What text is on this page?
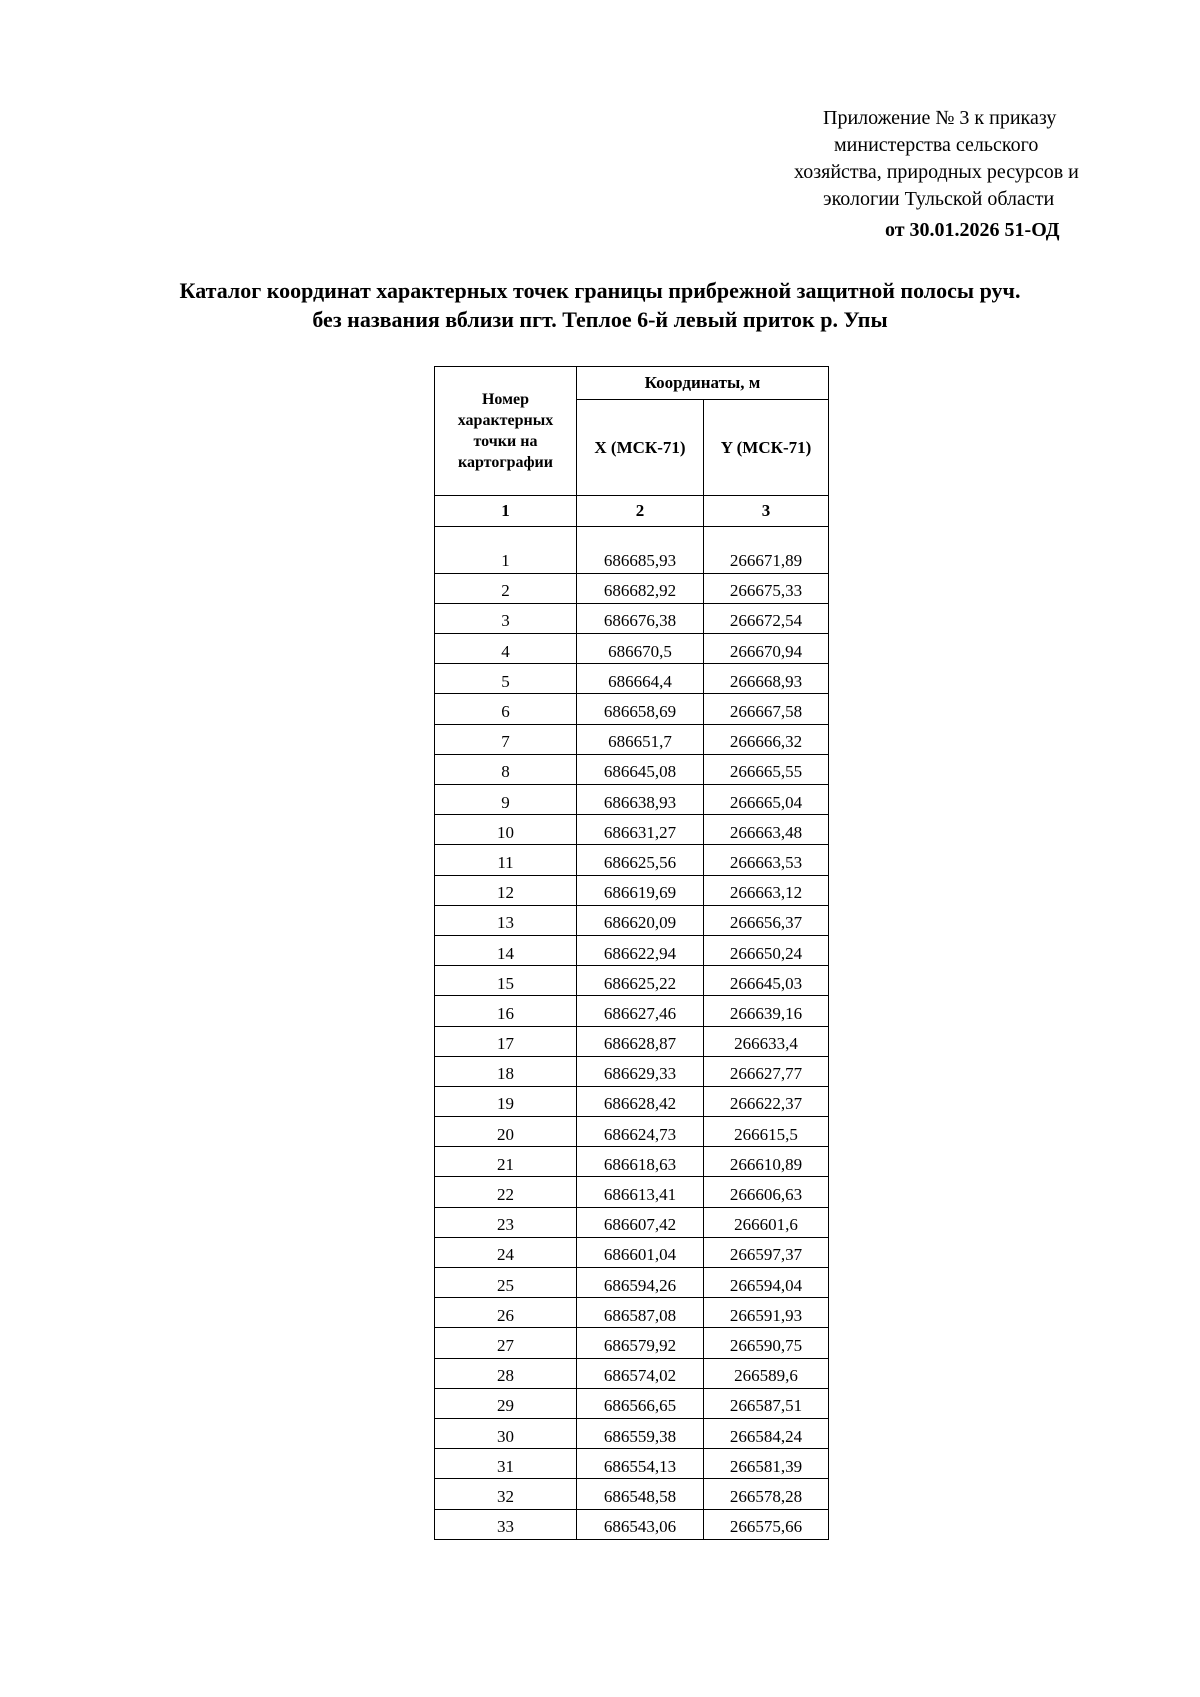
Приложение № 3 к приказу
министерства сельского
хозяйства, природных ресурсов и
экологии Тульской области
от 30.01.2026 51-ОД
Каталог координат характерных точек границы прибрежной защитной полосы руч.
без названия вблизи пгт. Теплое 6-й левый приток р. Упы
Номер характерных точки на картографии	Координаты, м	
	X (МСК-71)	Y (МСК-71)
1	2	3

1	686685,93	266671,89
2	686682,92	266675,33
3	686676,38	266672,54
4	686670,5	266670,94
5	686664,4	266668,93
6	686658,69	266667,58
7	686651,7	266666,32
8	686645,08	266665,55
9	686638,93	266665,04
10	686631,27	266663,48
11	686625,56	266663,53
12	686619,69	266663,12
13	686620,09	266656,37
14	686622,94	266650,24
15	686625,22	266645,03
16	686627,46	266639,16
17	686628,87	266633,4
18	686629,33	266627,77
19	686628,42	266622,37
20	686624,73	266615,5
21	686618,63	266610,89
22	686613,41	266606,63
23	686607,42	266601,6
24	686601,04	266597,37
25	686594,26	266594,04
26	686587,08	266591,93
27	686579,92	266590,75
28	686574,02	266589,6
29	686566,65	266587,51
30	686559,38	266584,24
31	686554,13	266581,39
32	686548,58	266578,28
33	686543,06	266575,66
